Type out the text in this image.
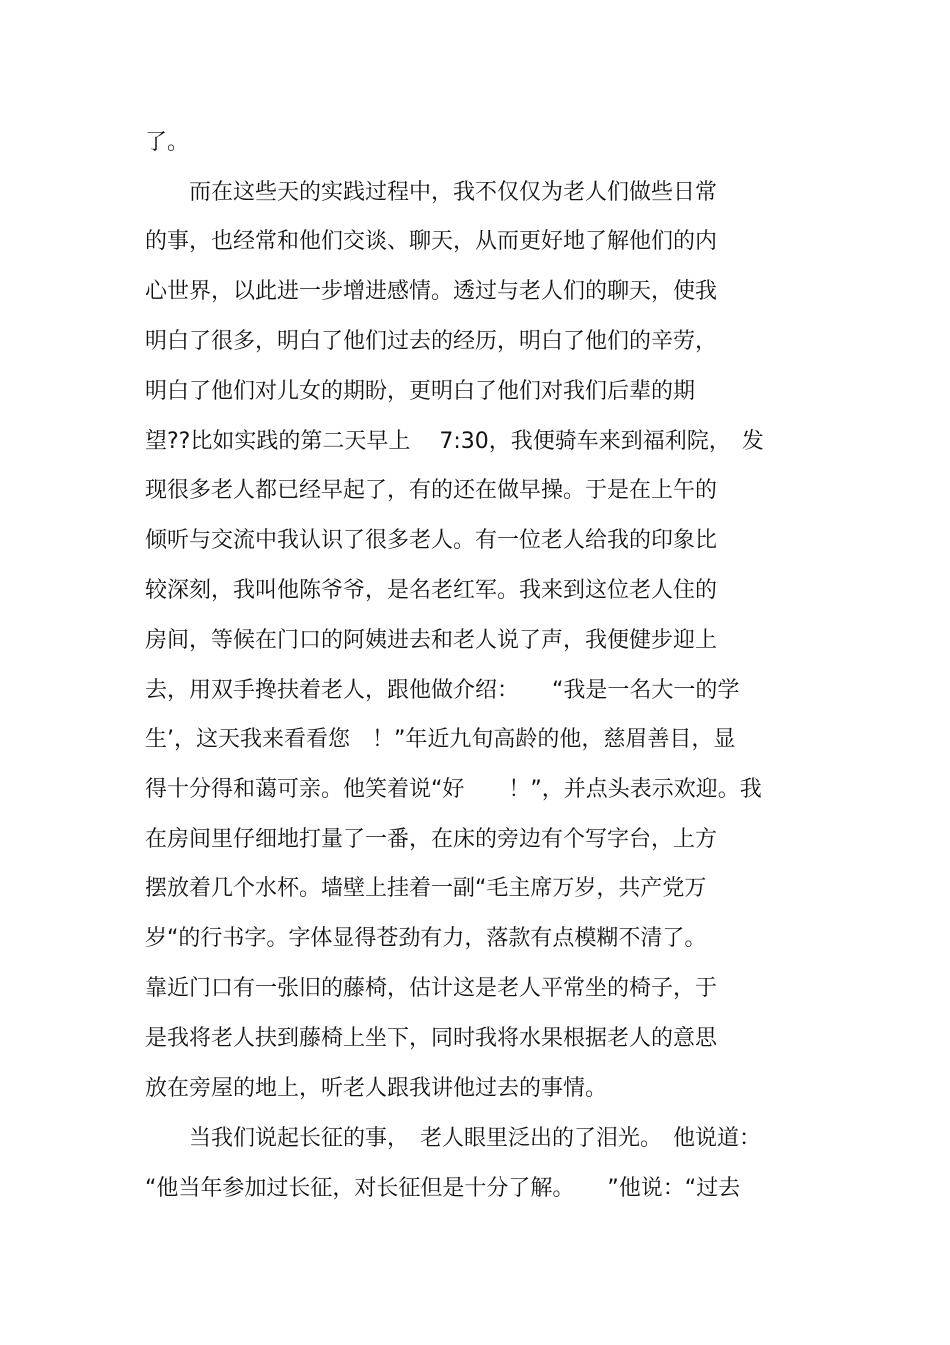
了。
　　而在这些天的实践过程中，我不仅仅为老人们做些日常
的事，也经常和他们交谈、聊天，从而更好地了解他们的内
心世界，以此进一步增进感情。透过与老人们的聊天，使我
明白了很多，明白了他们过去的经历，明白了他们的辛劳，
明白了他们对儿女的期盼，更明白了他们对我们后辈的期
望??比如实践的第二天早上　 7:30，我便骑车来到福利院，　发
现很多老人都已经早起了，有的还在做早操。于是在上午的
倾听与交流中我认识了很多老人。有一位老人给我的印象比
较深刻，我叫他陈爷爷，是名老红军。我来到这位老人住的
房间，等候在门口的阿姨进去和老人说了声，我便健步迎上
去，用双手搀扶着老人，跟他做介绍：　　“我是一名大一的学
生’，这天我来看看您　！”年近九旬高龄的他，慈眉善目，显
得十分得和蔼可亲。他笑着说“好　　！”，并点头表示欢迎。我
在房间里仔细地打量了一番，在床的旁边有个写字台，上方
摆放着几个水杯。墙壁上挂着一副“毛主席万岁，共产党万
岁“的行书字。字体显得苍劲有力，落款有点模糊不清了。
靠近门口有一张旧的藤椅，估计这是老人平常坐的椅子，于
是我将老人扶到藤椅上坐下，同时我将水果根据老人的意思
放在旁屋的地上，听老人跟我讲他过去的事情。
　　当我们说起长征的事，　老人眼里泛出的了泪光。　他说道：
“他当年参加过长征，对长征但是十分了解。　　”他说：“过去
